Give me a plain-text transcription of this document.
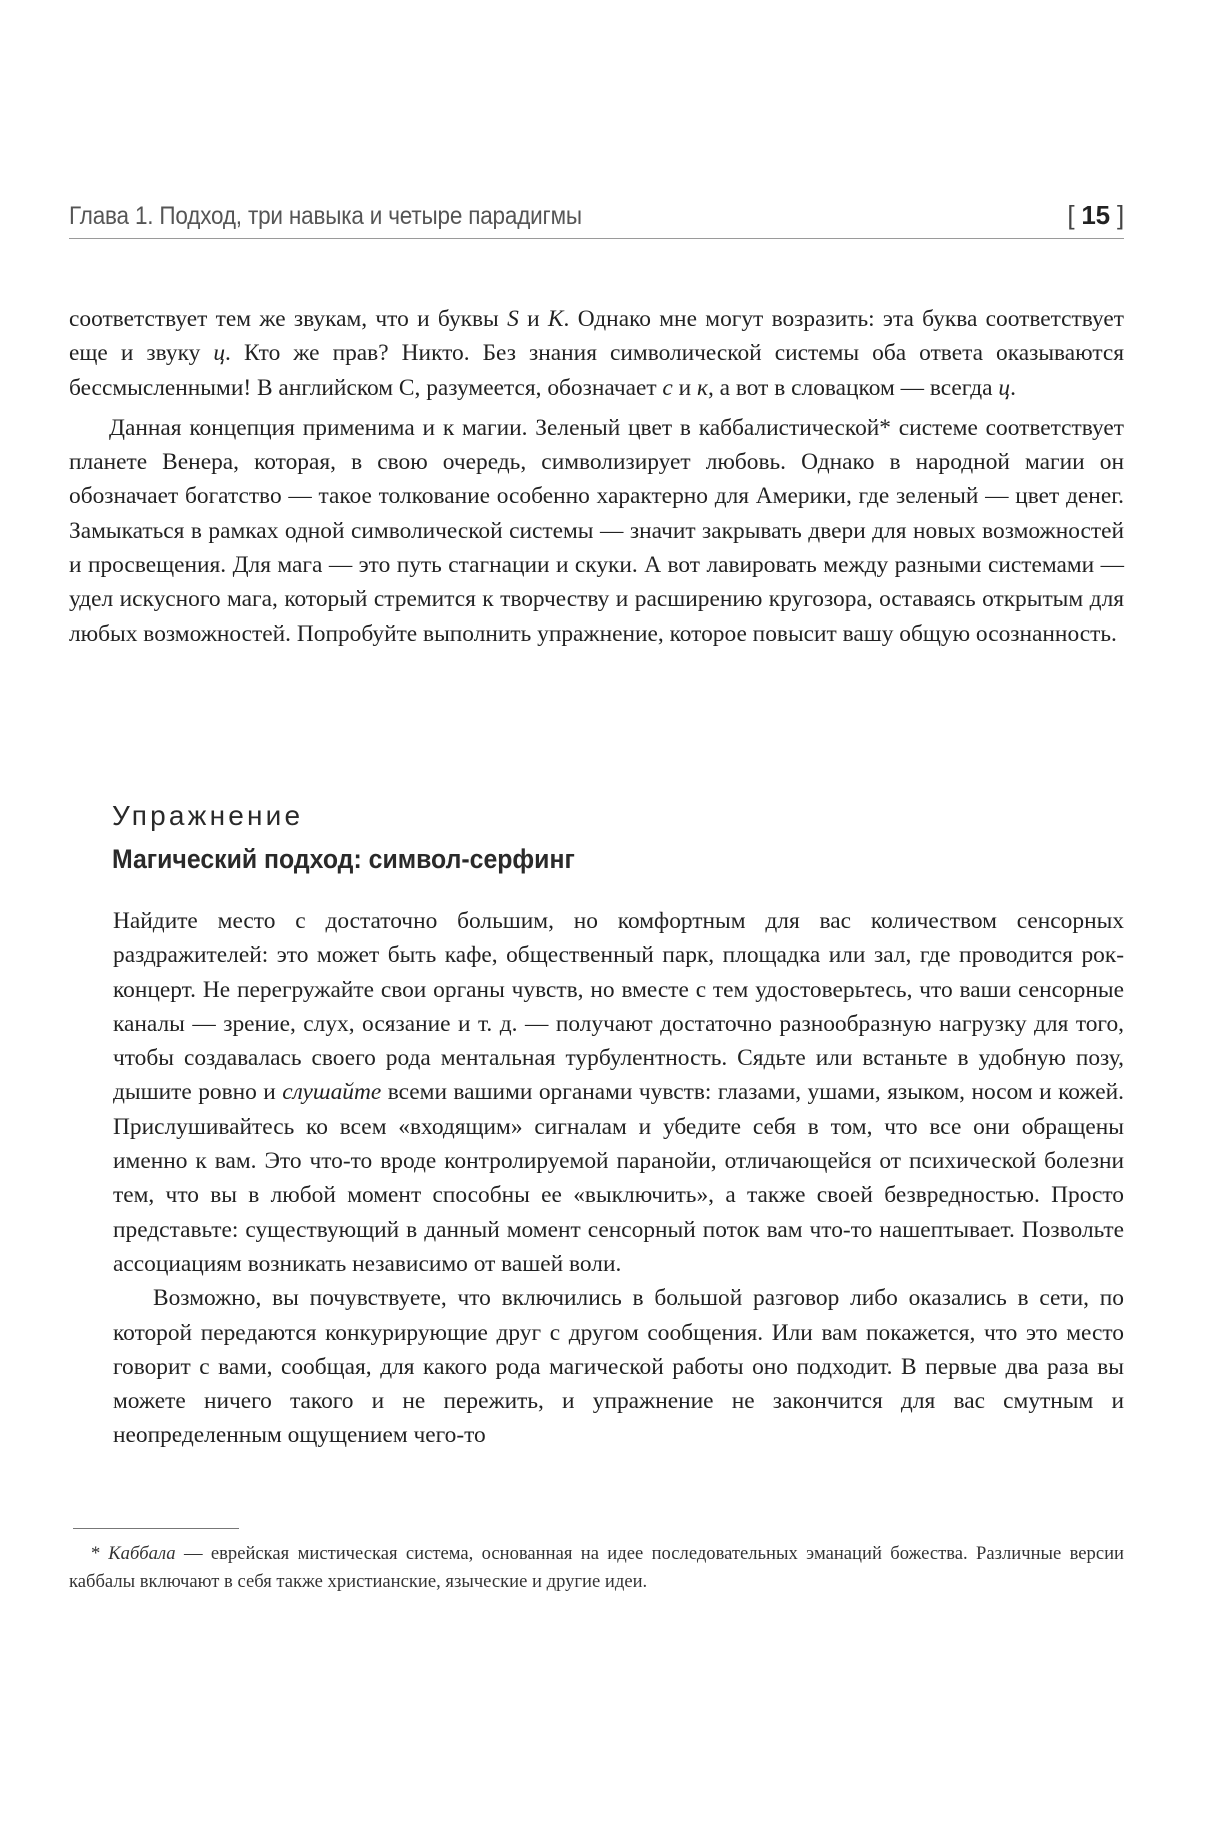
Глава 1. Подход, три навыка и четыре парадигмы	[ 15 ]

соответствует тем же звукам, что и буквы S и K. Однако мне могут возразить: эта буква соответствует еще и звуку ц. Кто же прав? Никто. Без знания символической системы оба ответа оказываются бессмысленными! В английском С, разумеется, обозначает с и к, а вот в словацком — всегда ц.

Данная концепция применима и к магии. Зеленый цвет в каббалистической* системе соответствует планете Венера, которая, в свою очередь, символизирует любовь. Однако в народной магии он обозначает богатство — такое толкование особенно характерно для Америки, где зеленый — цвет денег. Замыкаться в рамках одной символической системы — значит закрывать двери для новых возможностей и просвещения. Для мага — это путь стагнации и скуки. А вот лавировать между разными системами — удел искусного мага, который стремится к творчеству и расширению кругозора, оставаясь открытым для любых возможностей. Попробуйте выполнить упражнение, которое повысит вашу общую осознанность.

Упражнение
Магический подход: символ-серфинг

Найдите место с достаточно большим, но комфортным для вас количеством сенсорных раздражителей: это может быть кафе, общественный парк, площадка или зал, где проводится рок-концерт. Не перегружайте свои органы чувств, но вместе с тем удостоверьтесь, что ваши сенсорные каналы — зрение, слух, осязание и т. д. — получают достаточно разнообразную нагрузку для того, чтобы создавалась своего рода ментальная турбулентность. Сядьте или встаньте в удобную позу, дышите ровно и слушайте всеми вашими органами чувств: глазами, ушами, языком, носом и кожей. Прислушивайтесь ко всем «входящим» сигналам и убедите себя в том, что все они обращены именно к вам. Это что-то вроде контролируемой паранойи, отличающейся от психической болезни тем, что вы в любой момент способны ее «выключить», а также своей безвредностью. Просто представьте: существующий в данный момент сенсорный поток вам что-то нашептывает. Позвольте ассоциациям возникать независимо от вашей воли.

Возможно, вы почувствуете, что включились в большой разговор либо оказались в сети, по которой передаются конкурирующие друг с другом сообщения. Или вам покажется, что это место говорит с вами, сообщая, для какого рода магической работы оно подходит. В первые два раза вы можете ничего такого и не пережить, и упражнение не закончится для вас смутным и неопределенным ощущением чего-то

* Каббала — еврейская мистическая система, основанная на идее последовательных эманаций божества. Различные версии каббалы включают в себя также христианские, языческие и другие идеи.
